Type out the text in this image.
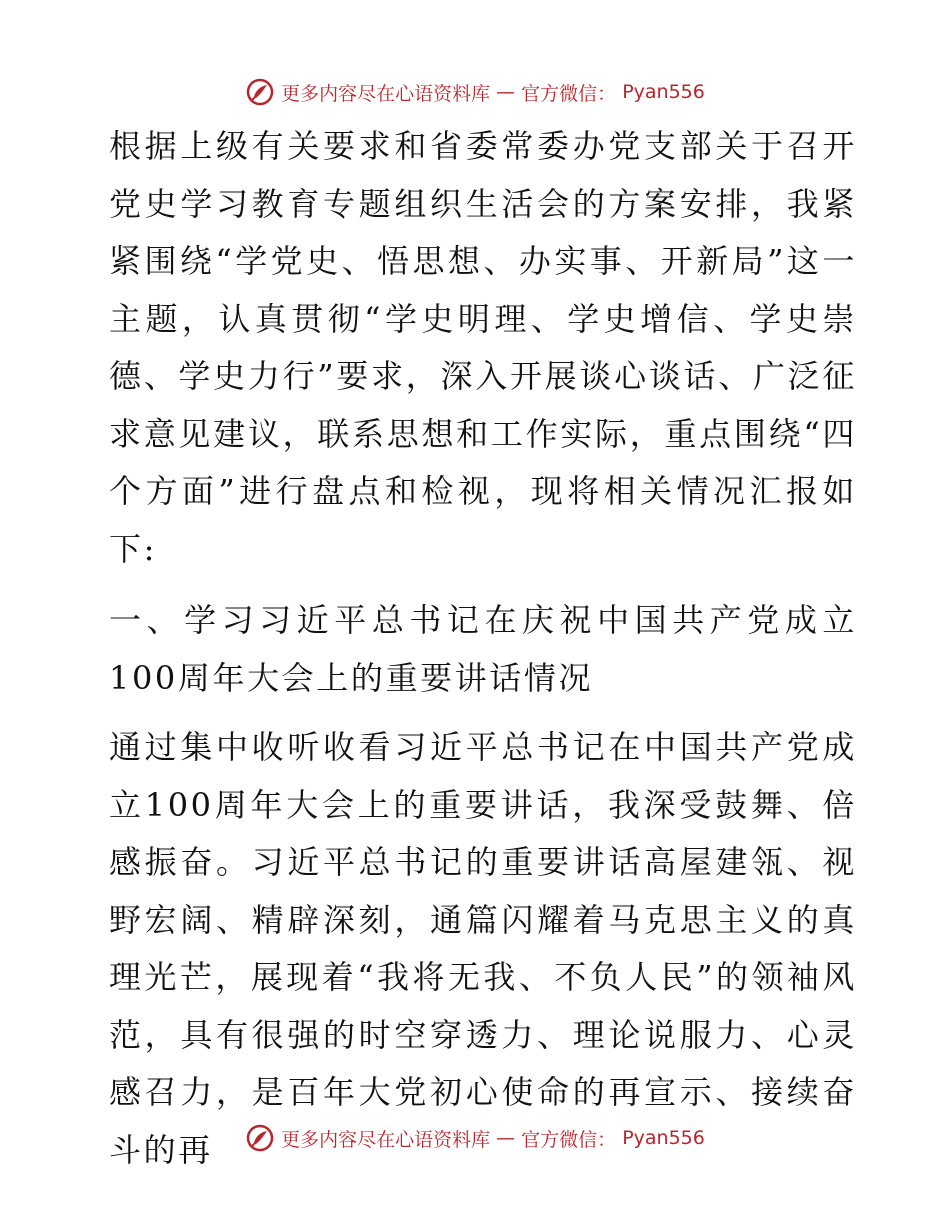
更多内容尽在心语资料库 — 官方微信： Pyan556

根据上级有关要求和省委常委办党支部关于召开党史学习教育专题组织生活会的方案安排，我紧紧围绕“学党史、悟思想、办实事、开新局”这一主题，认真贯彻“学史明理、学史增信、学史崇德、学史力行”要求，深入开展谈心谈话、广泛征求意见建议，联系思想和工作实际，重点围绕“四个方面”进行盘点和检视，现将相关情况汇报如下:

一、学习习近平总书记在庆祝中国共产党成立100周年大会上的重要讲话情况

通过集中收听收看习近平总书记在中国共产党成立100周年大会上的重要讲话，我深受鼓舞、倍感振奋。习近平总书记的重要讲话高屋建瓴、视野宏阔、精辟深刻，通篇闪耀着马克思主义的真理光芒，展现着“我将无我、不负人民”的领袖风范，具有很强的时空穿透力、理论说服力、心灵感召力，是百年大党初心使命的再宣示、接续奋斗的再	更多内容尽在心语资料库 — 官方微信： Pyan556
